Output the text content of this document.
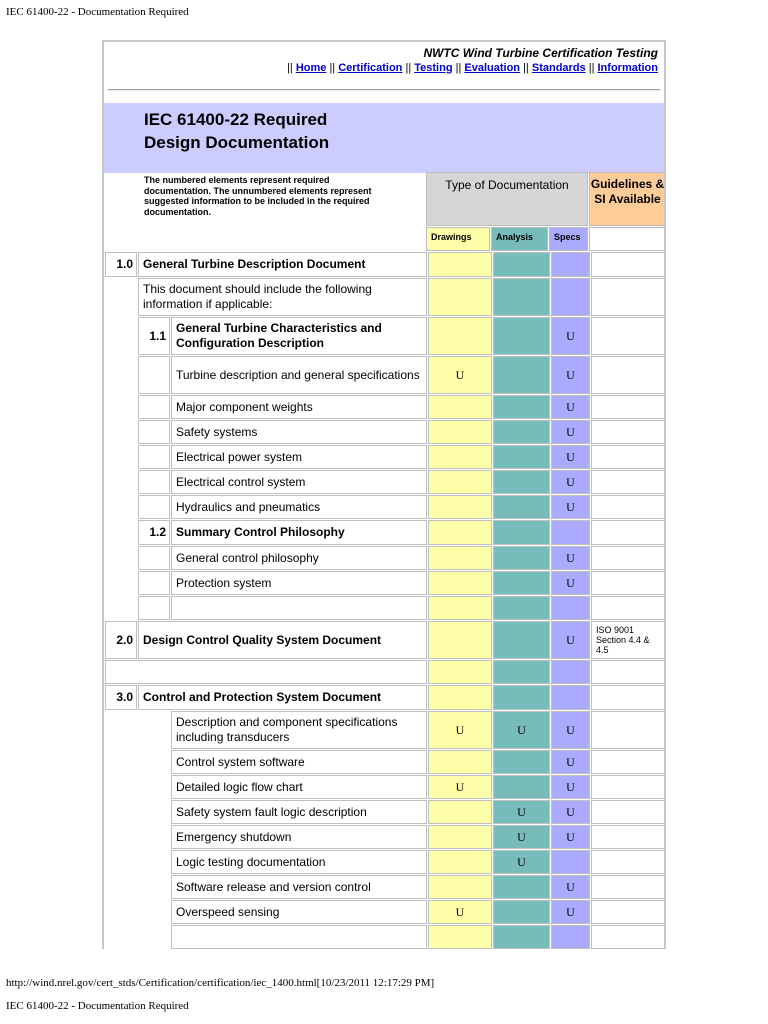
IEC 61400-22 - Documentation Required
NWTC Wind Turbine Certification Testing
|| Home || Certification || Testing || Evaluation || Standards || Information
IEC 61400-22 Required
Design Documentation
The numbered elements represent required documentation. The unnumbered elements represent suggested information to be included in the required documentation.
Type of Documentation	Guidelines & SI Available
Drawings	Analysis	Specs
1.0	General Turbine Description Document					
	This document should include the following information if applicable:					
	1.1	General Turbine Characteristics and Configuration Description			U	
		Turbine description and general specifications	U		U	
		Major component weights			U	
		Safety systems			U	
		Electrical power system			U	
		Electrical control system			U	
		Hydraulics and pneumatics			U	
	1.2	Summary Control Philosophy				
		General control philosophy			U	
		Protection system			U	

2.0	Design Control Quality System Document				U	ISO 9001 Section 4.4 & 4.5

3.0	Control and Protection System Document					
		Description and component specifications including transducers	U	U	U	
		Control system software			U	
		Detailed logic flow chart	U		U	
		Safety system fault logic description		U	U	
		Emergency shutdown		U	U	
		Logic testing documentation		U		
		Software release and version control			U	
		Overspeed sensing	U		U	

http://wind.nrel.gov/cert_stds/Certification/certification/iec_1400.html[10/23/2011 12:17:29 PM]
IEC 61400-22 - Documentation Required
